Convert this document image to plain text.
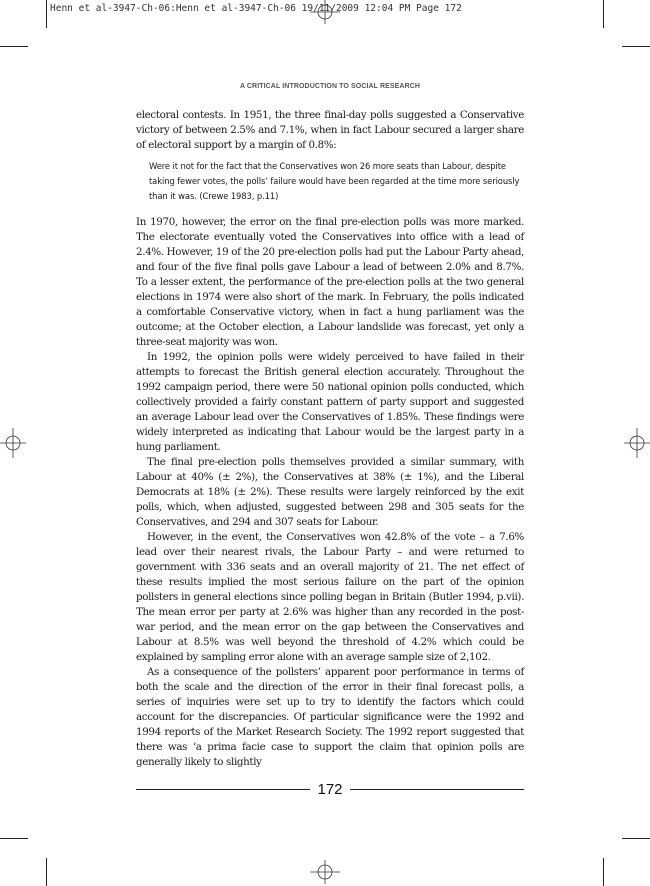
Henn et al-3947-Ch-06:Henn et al-3947-Ch-06 19/11/2009 12:04 PM Page 172
A CRITICAL INTRODUCTION TO SOCIAL RESEARCH

electoral contests. In 1951, the three final-day polls suggested a Conservative victory of between 2.5% and 7.1%, when in fact Labour secured a larger share of electoral support by a margin of 0.8%:

Were it not for the fact that the Conservatives won 26 more seats than Labour, despite taking fewer votes, the polls’ failure would have been regarded at the time more seriously than it was. (Crewe 1983, p.11)

In 1970, however, the error on the final pre-election polls was more marked. The electorate eventually voted the Conservatives into office with a lead of 2.4%. However, 19 of the 20 pre-election polls had put the Labour Party ahead, and four of the five final polls gave Labour a lead of between 2.0% and 8.7%. To a lesser extent, the performance of the pre-election polls at the two general elections in 1974 were also short of the mark. In February, the polls indicated a comfortable Conservative victory, when in fact a hung parliament was the outcome; at the October election, a Labour landslide was forecast, yet only a three-seat majority was won.

In 1992, the opinion polls were widely perceived to have failed in their attempts to forecast the British general election accurately. Throughout the 1992 campaign period, there were 50 national opinion polls conducted, which collectively provided a fairly constant pattern of party support and suggested an average Labour lead over the Conservatives of 1.85%. These findings were widely interpreted as indicating that Labour would be the largest party in a hung parliament.

The final pre-election polls themselves provided a similar summary, with Labour at 40% (± 2%), the Conservatives at 38% (± 1%), and the Liberal Democrats at 18% (± 2%). These results were largely reinforced by the exit polls, which, when adjusted, suggested between 298 and 305 seats for the Conservatives, and 294 and 307 seats for Labour.

However, in the event, the Conservatives won 42.8% of the vote – a 7.6% lead over their nearest rivals, the Labour Party – and were returned to government with 336 seats and an overall majority of 21. The net effect of these results implied the most serious failure on the part of the opinion pollsters in general elections since polling began in Britain (Butler 1994, p.vii). The mean error per party at 2.6% was higher than any recorded in the post-war period, and the mean error on the gap between the Conservatives and Labour at 8.5% was well beyond the threshold of 4.2% which could be explained by sampling error alone with an average sample size of 2,102.

As a consequence of the pollsters’ apparent poor performance in terms of both the scale and the direction of the error in their final forecast polls, a series of inquiries were set up to try to identify the factors which could account for the discrepancies. Of particular significance were the 1992 and 1994 reports of the Market Research Society. The 1992 report suggested that there was ‘a prima facie case to support the claim that opinion polls are generally likely to slightly

172
